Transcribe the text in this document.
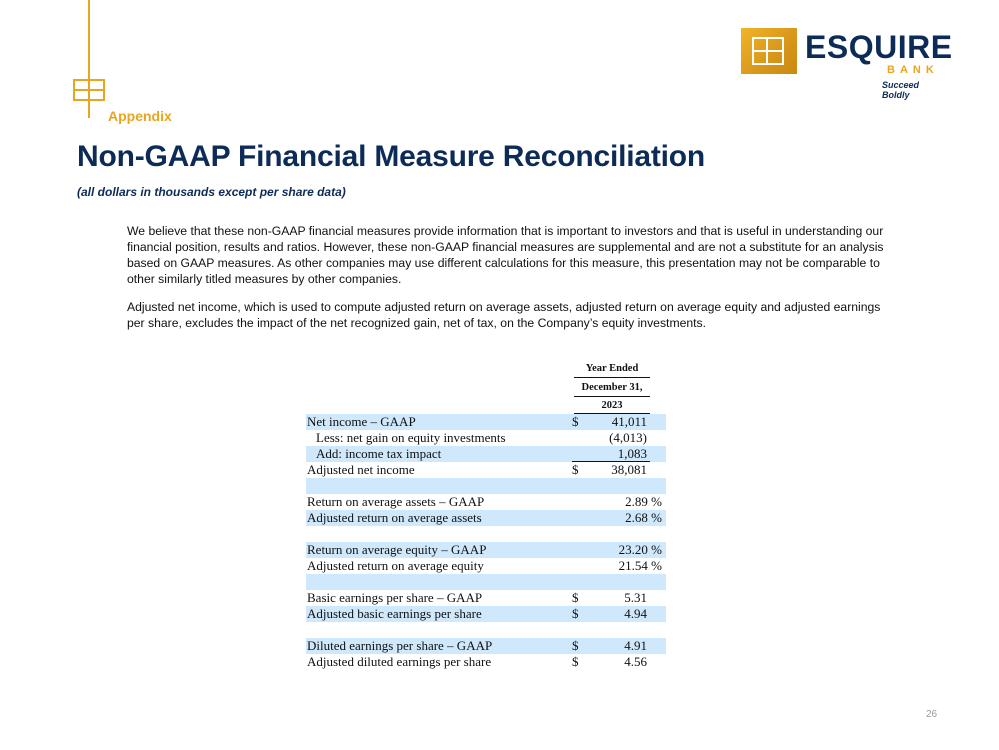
Appendix
ESQUIRE
BANK
Succeed Boldly
Non-GAAP Financial Measure Reconciliation
(all dollars in thousands except per share data)

We believe that these non-GAAP financial measures provide information that is important to investors and that is useful in understanding our financial position, results and ratios. However, these non-GAAP financial measures are supplemental and are not a substitute for an analysis based on GAAP measures. As other companies may use different calculations for this measure, this presentation may not be comparable to other similarly titled measures by other companies.

Adjusted net income, which is used to compute adjusted return on average assets, adjusted return on average equity and adjusted earnings per share, excludes the impact of the net recognized gain, net of tax, on the Company’s equity investments.

Year Ended
December 31,
2023
Net income – GAAP	$	41,011
Less: net gain on equity investments	(4,013)
Add: income tax impact	1,083
Adjusted net income	$	38,081
Return on average assets – GAAP	2.89 %
Adjusted return on average assets	2.68 %
Return on average equity – GAAP	23.20 %
Adjusted return on average equity	21.54 %
Basic earnings per share – GAAP	$	5.31
Adjusted basic earnings per share	$	4.94
Diluted earnings per share – GAAP	$	4.91
Adjusted diluted earnings per share	$	4.56
26
